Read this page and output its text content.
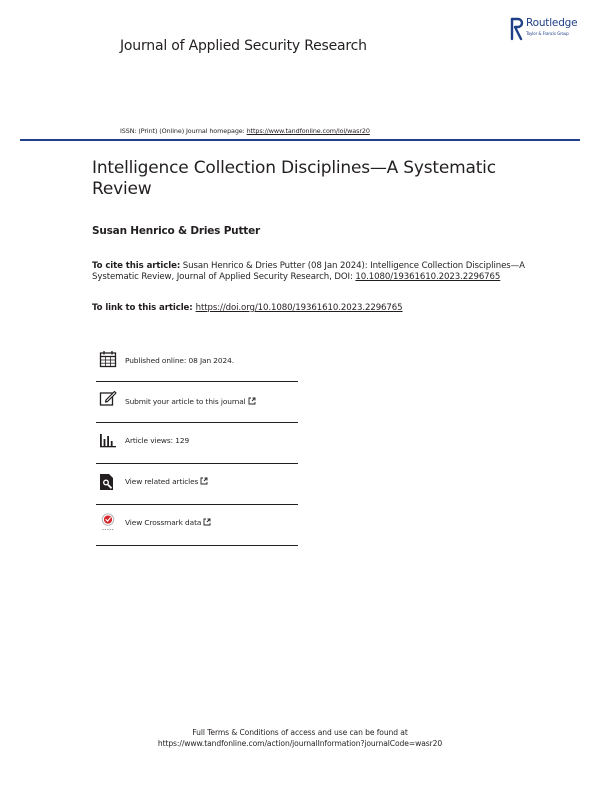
Routledge
Taylor & Francis Group
Journal of Applied Security Research
ISSN: (Print) (Online) Journal homepage: https://www.tandfonline.com/loi/wasr20
Intelligence Collection Disciplines—A Systematic Review
Susan Henrico & Dries Putter
To cite this article: Susan Henrico & Dries Putter (08 Jan 2024): Intelligence Collection Disciplines—A Systematic Review, Journal of Applied Security Research, DOI: 10.1080/19361610.2023.2296765
To link to this article: https://doi.org/10.1080/19361610.2023.2296765
Published online: 08 Jan 2024.
Submit your article to this journal
Article views: 129
View related articles
View Crossmark data
Full Terms & Conditions of access and use can be found at
https://www.tandfonline.com/action/journalInformation?journalCode=wasr20
